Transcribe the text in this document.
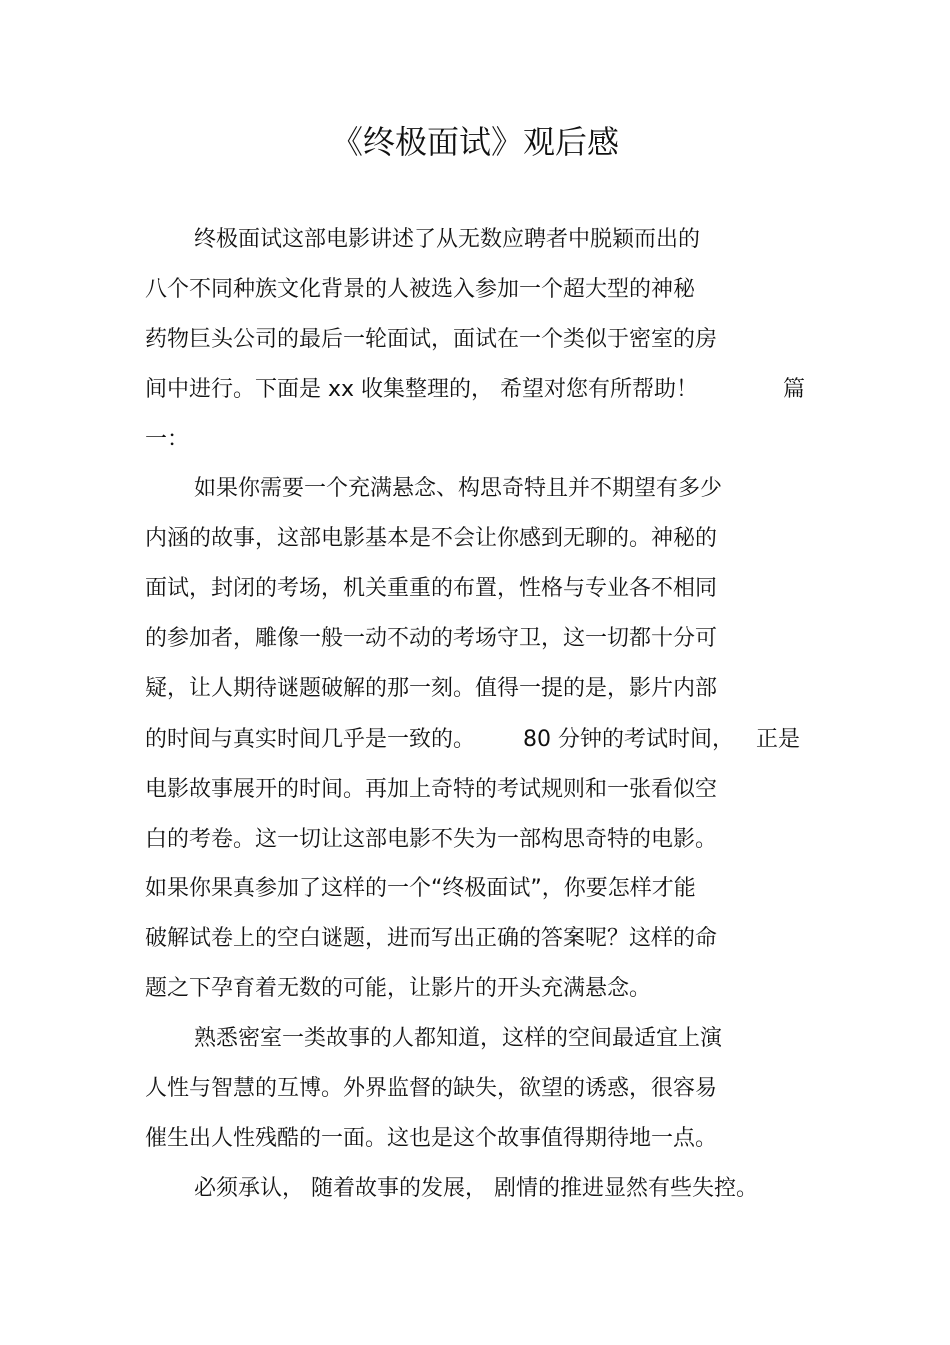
《终极面试》观后感
终极面试这部电影讲述了从无数应聘者中脱颖而出的
八个不同种族文化背景的人被选入参加一个超大型的神秘
药物巨头公司的最后一轮面试，面试在一个类似于密室的房
间中进行。下面是 xx 收集整理的， 希望对您有所帮助！	篇
一：
如果你需要一个充满悬念、构思奇特且并不期望有多少
内涵的故事，这部电影基本是不会让你感到无聊的。神秘的
面试，封闭的考场，机关重重的布置，性格与专业各不相同
的参加者，雕像一般一动不动的考场守卫，这一切都十分可
疑，让人期待谜题破解的那一刻。值得一提的是，影片内部
的时间与真实时间几乎是一致的。 80 分钟的考试时间， 正是
电影故事展开的时间。再加上奇特的考试规则和一张看似空
白的考卷。这一切让这部电影不失为一部构思奇特的电影。
如果你果真参加了这样的一个“终极面试”，你要怎样才能
破解试卷上的空白谜题，进而写出正确的答案呢？这样的命
题之下孕育着无数的可能，让影片的开头充满悬念。
熟悉密室一类故事的人都知道，这样的空间最适宜上演
人性与智慧的互博。外界监督的缺失，欲望的诱惑，很容易
催生出人性残酷的一面。这也是这个故事值得期待地一点。
必须承认， 随着故事的发展， 剧情的推进显然有些失控。
